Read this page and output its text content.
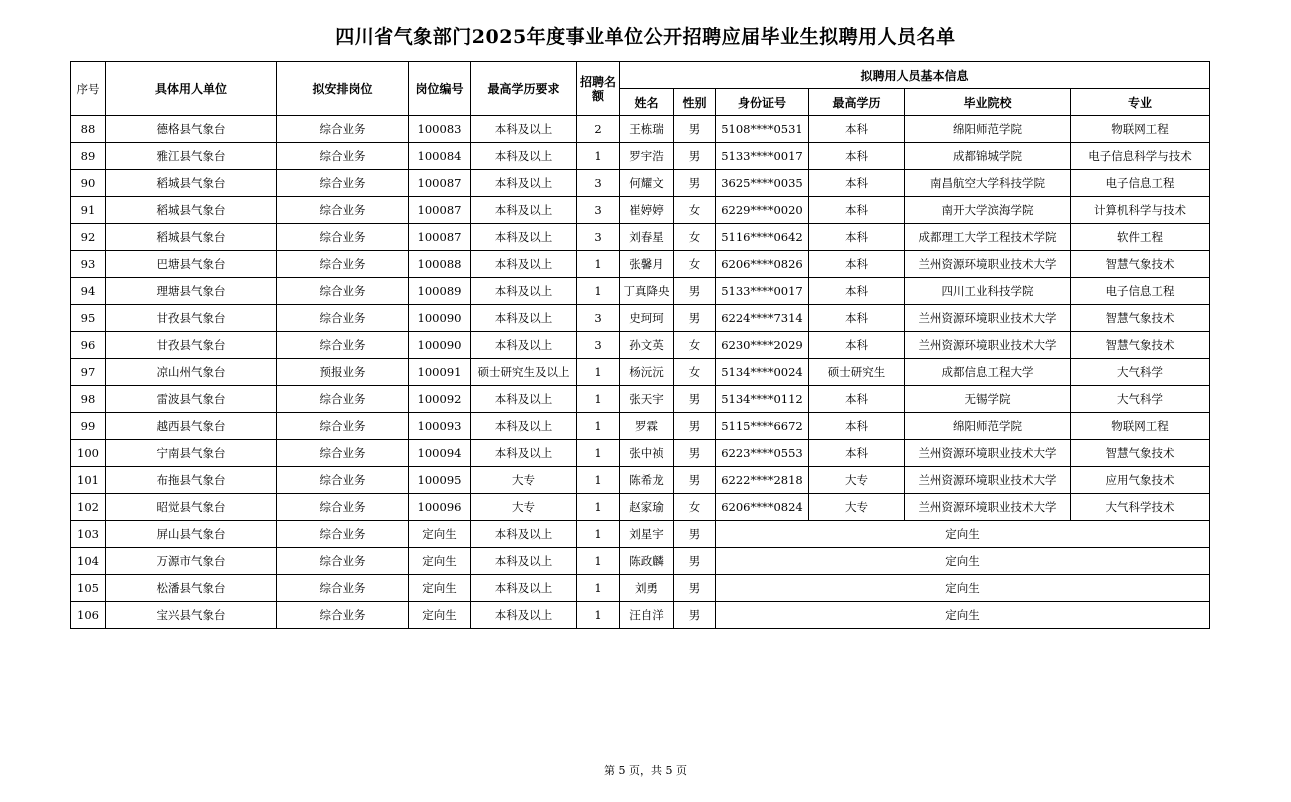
四川省气象部门2025年度事业单位公开招聘应届毕业生拟聘用人员名单
序号	具体用人单位	拟安排岗位	岗位编号	最高学历要求	招聘名额	拟聘用人员基本信息					
						姓名	性别	身份证号	最高学历	毕业院校	专业
88	德格县气象台	综合业务	100083	本科及以上	2	王栋瑞	男	5108****0531	本科	绵阳师范学院	物联网工程
89	雅江县气象台	综合业务	100084	本科及以上	1	罗宇浩	男	5133****0017	本科	成都锦城学院	电子信息科学与技术
90	稻城县气象台	综合业务	100087	本科及以上	3	何耀文	男	3625****0035	本科	南昌航空大学科技学院	电子信息工程
91	稻城县气象台	综合业务	100087	本科及以上	3	崔婷婷	女	6229****0020	本科	南开大学滨海学院	计算机科学与技术
92	稻城县气象台	综合业务	100087	本科及以上	3	刘春星	女	5116****0642	本科	成都理工大学工程技术学院	软件工程
93	巴塘县气象台	综合业务	100088	本科及以上	1	张馨月	女	6206****0826	本科	兰州资源环境职业技术大学	智慧气象技术
94	理塘县气象台	综合业务	100089	本科及以上	1	丁真降央	男	5133****0017	本科	四川工业科技学院	电子信息工程
95	甘孜县气象台	综合业务	100090	本科及以上	3	史珂珂	男	6224****7314	本科	兰州资源环境职业技术大学	智慧气象技术
96	甘孜县气象台	综合业务	100090	本科及以上	3	孙文英	女	6230****2029	本科	兰州资源环境职业技术大学	智慧气象技术
97	凉山州气象台	预报业务	100091	硕士研究生及以上	1	杨沅沅	女	5134****0024	硕士研究生	成都信息工程大学	大气科学
98	雷波县气象台	综合业务	100092	本科及以上	1	张天宇	男	5134****0112	本科	无锡学院	大气科学
99	越西县气象台	综合业务	100093	本科及以上	1	罗霖	男	5115****6672	本科	绵阳师范学院	物联网工程
100	宁南县气象台	综合业务	100094	本科及以上	1	张中祯	男	6223****0553	本科	兰州资源环境职业技术大学	智慧气象技术
101	布拖县气象台	综合业务	100095	大专	1	陈希龙	男	6222****2818	大专	兰州资源环境职业技术大学	应用气象技术
102	昭觉县气象台	综合业务	100096	大专	1	赵家瑜	女	6206****0824	大专	兰州资源环境职业技术大学	大气科学技术
103	屏山县气象台	综合业务	定向生	本科及以上	1	刘星宇	男	定向生			
104	万源市气象台	综合业务	定向生	本科及以上	1	陈政麟	男	定向生			
105	松潘县气象台	综合业务	定向生	本科及以上	1	刘勇	男	定向生			
106	宝兴县气象台	综合业务	定向生	本科及以上	1	汪自洋	男	定向生			
第 5 页，共 5 页
